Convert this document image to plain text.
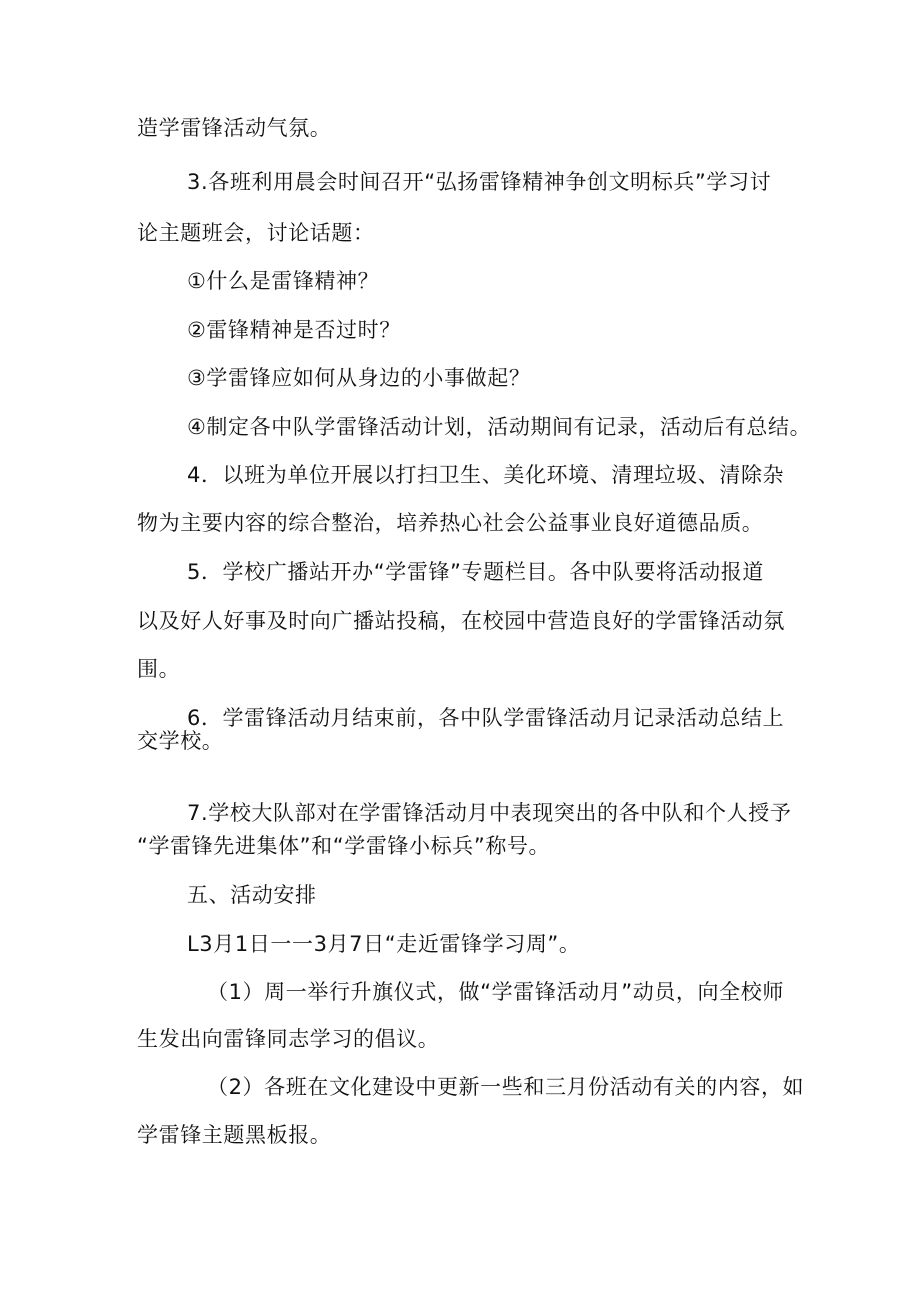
造学雷锋活动气氛。

3.各班利用晨会时间召开“弘扬雷锋精神争创文明标兵”学习讨

论主题班会，讨论话题：

①什么是雷锋精神？

②雷锋精神是否过时？

③学雷锋应如何从身边的小事做起？

④制定各中队学雷锋活动计划，活动期间有记录，活动后有总结。

4．以班为单位开展以打扫卫生、美化环境、清理垃圾、清除杂

物为主要内容的综合整治，培养热心社会公益事业良好道德品质。

5．学校广播站开办“学雷锋”专题栏目。各中队要将活动报道

以及好人好事及时向广播站投稿，在校园中营造良好的学雷锋活动氛

围。

6．学雷锋活动月结束前，各中队学雷锋活动月记录活动总结上

交学校。

7.学校大队部对在学雷锋活动月中表现突出的各中队和个人授予

“学雷锋先进集体”和“学雷锋小标兵”称号。

五、活动安排

L3月1日一一3月7日“走近雷锋学习周”。

（1）周一举行升旗仪式，做“学雷锋活动月”动员，向全校师

生发出向雷锋同志学习的倡议。

（2）各班在文化建设中更新一些和三月份活动有关的内容，如

学雷锋主题黑板报。
